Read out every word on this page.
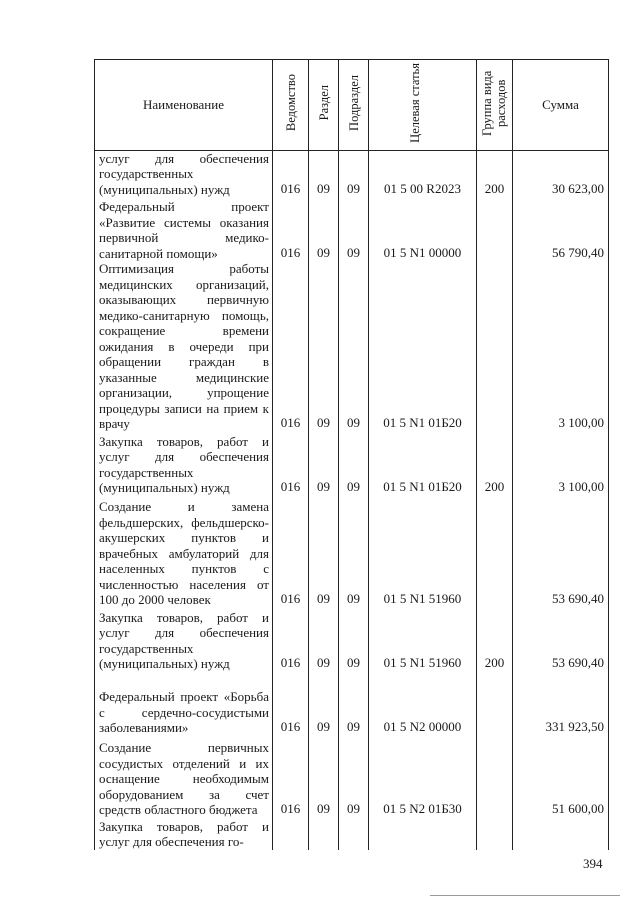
Наименование	Ведомство	Раздел	Подраздел	Целевая статья	Группа вида расходов	Сумма
услуг для обеспечения государственных (муниципальных) нужд	016	09	09	01 5 00 R2023	200	30 623,00
Федеральный проект «Развитие системы оказания первичной медико-санитарной помощи»	016	09	09	01 5 N1 00000		56 790,40
Оптимизация работы медицинских организаций, оказывающих первичную медико-санитарную помощь, сокращение времени ожидания в очереди при обращении граждан в указанные медицинские организации, упрощение процедуры записи на прием к врачу	016	09	09	01 5 N1 01Б20		3 100,00
Закупка товаров, работ и услуг для обеспечения государственных (муниципальных) нужд	016	09	09	01 5 N1 01Б20	200	3 100,00
Создание и замена фельдшерских, фельдшерско-акушерских пунктов и врачебных амбулаторий для населенных пунктов с численностью населения от 100 до 2000 человек	016	09	09	01 5 N1 51960		53 690,40
Закупка товаров, работ и услуг для обеспечения государственных (муниципальных) нужд	016	09	09	01 5 N1 51960	200	53 690,40
Федеральный проект «Борьба с сердечно-сосудистыми заболеваниями»	016	09	09	01 5 N2 00000		331 923,50
Создание первичных сосудистых отделений и их оснащение необходимым оборудованием за счет средств областного бюджета	016	09	09	01 5 N2 01Б30		51 600,00
Закупка товаров, работ и услуг для обеспечения го-						
394
